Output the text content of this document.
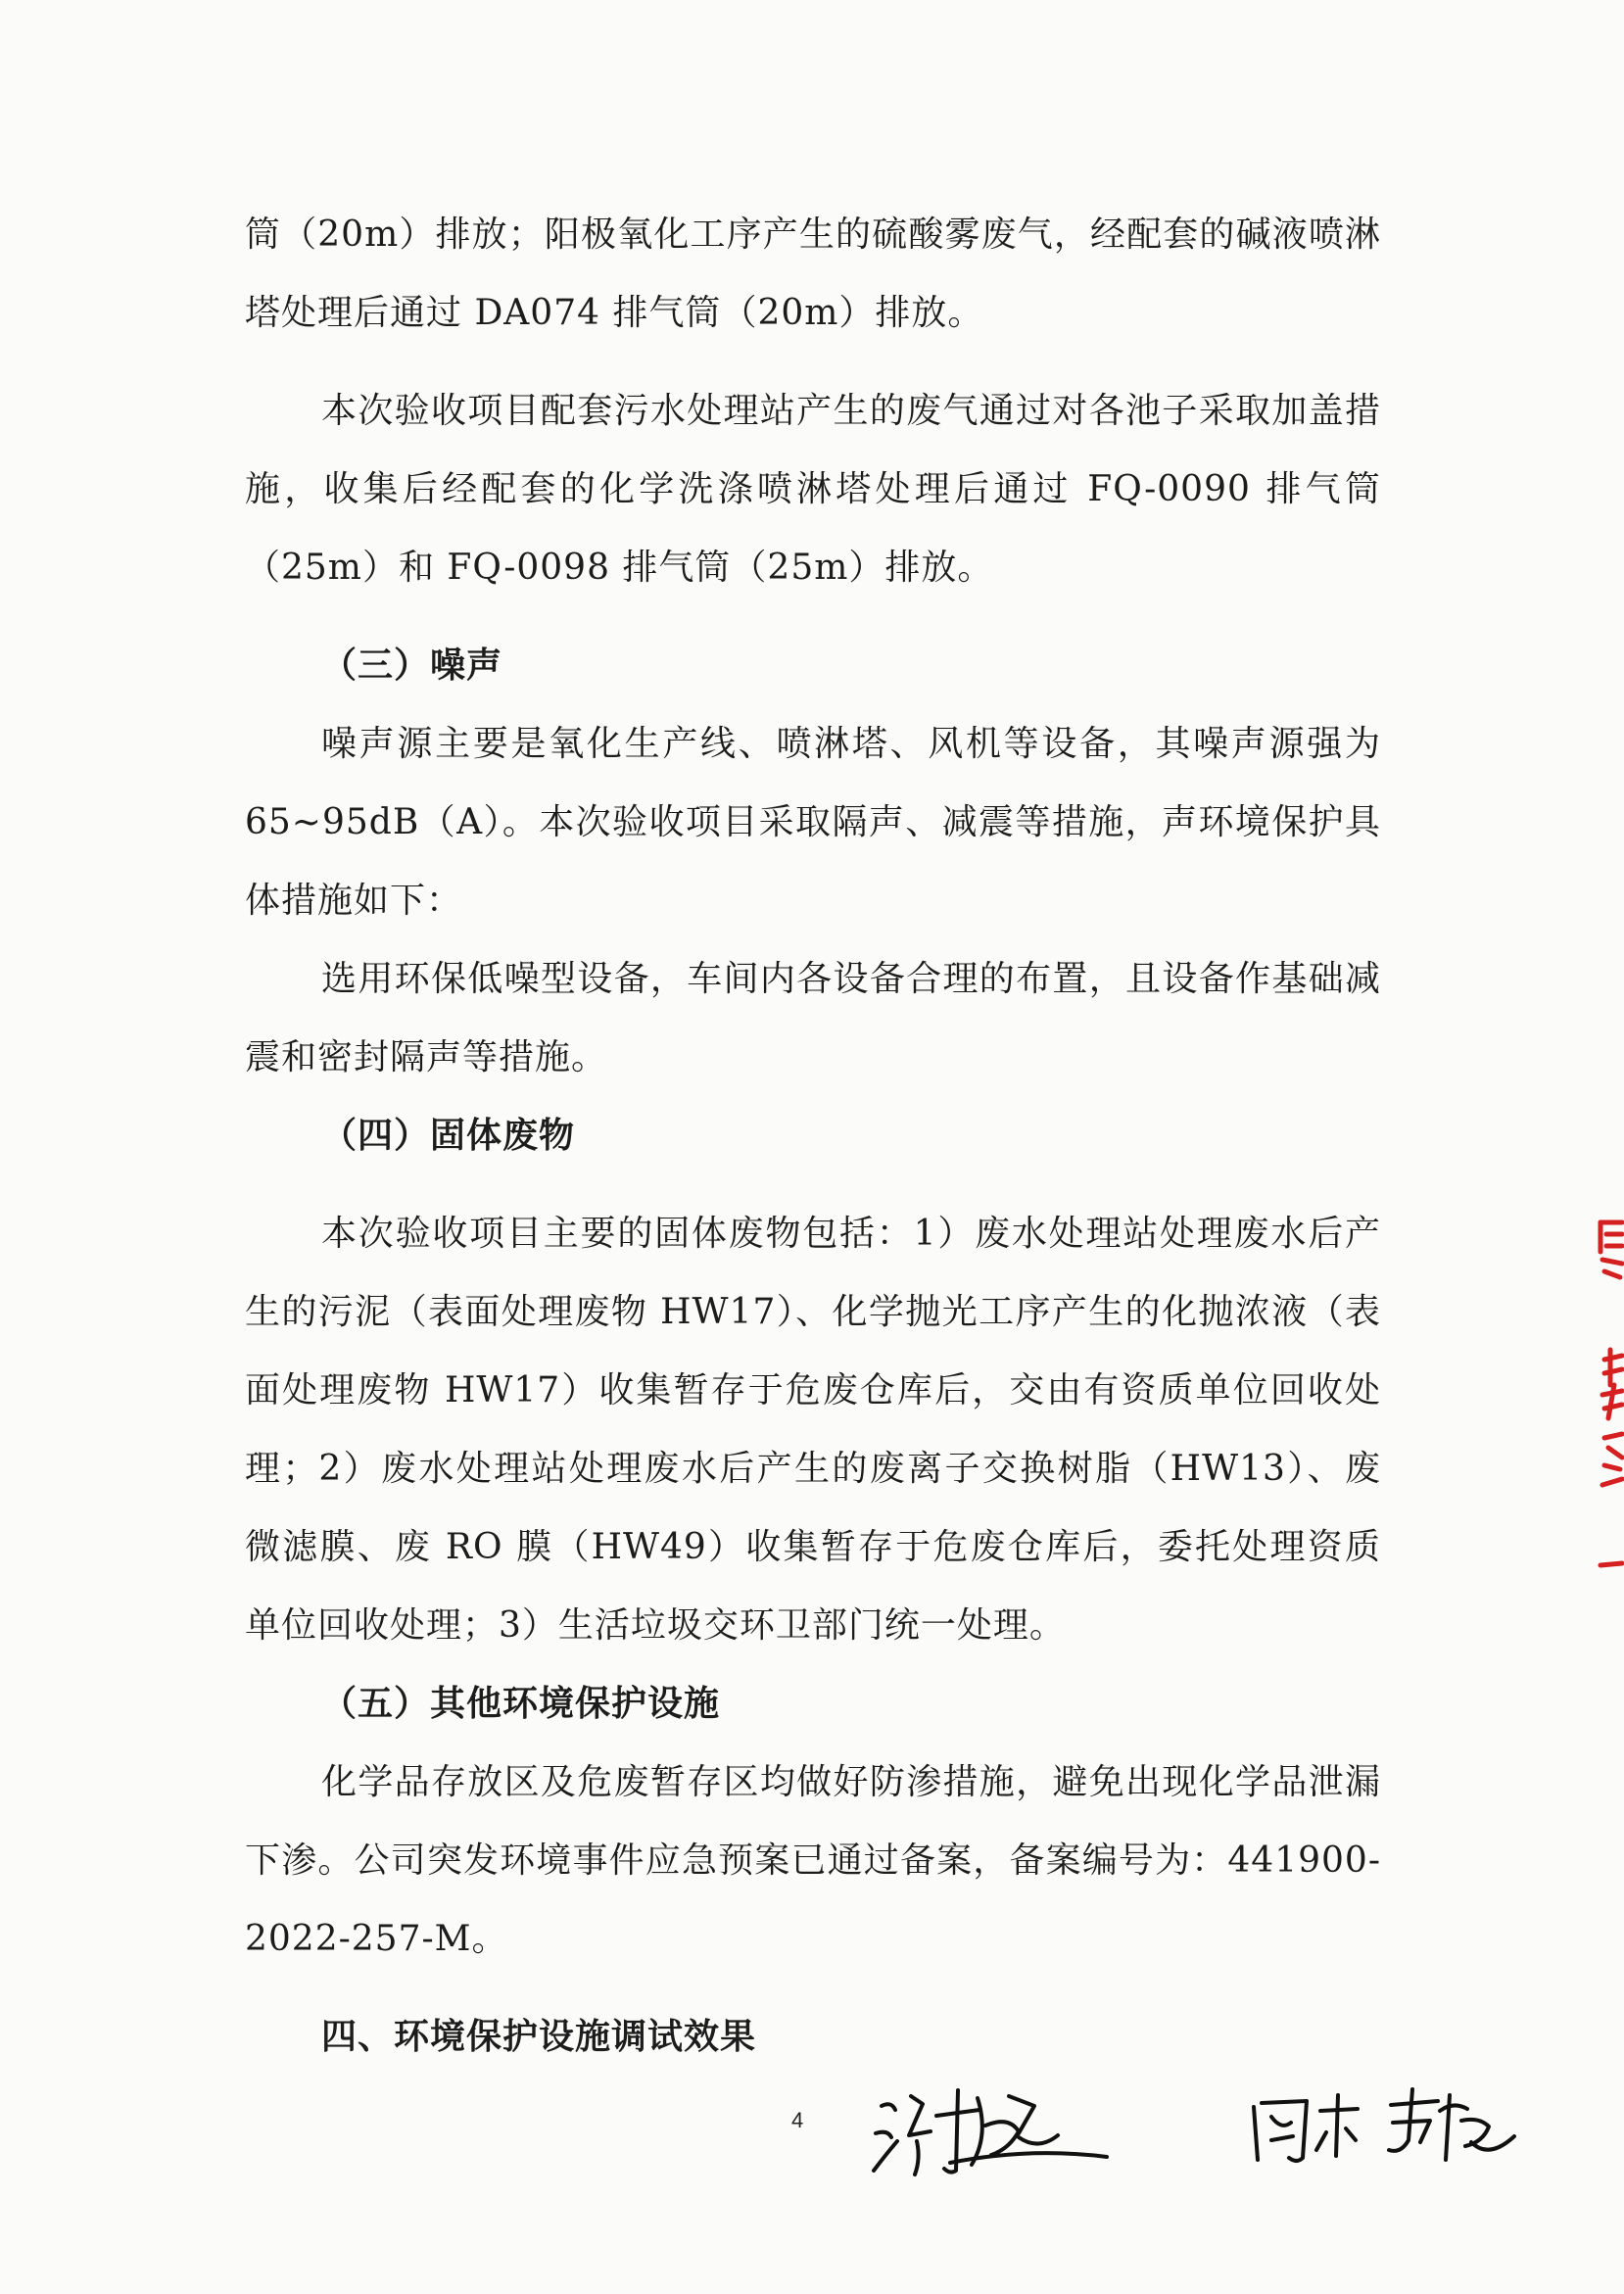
筒（20m）排放；阳极氧化工序产生的硫酸雾废气，经配套的碱液喷淋塔处理后通过 DA074 排气筒（20m）排放。

本次验收项目配套污水处理站产生的废气通过对各池子采取加盖措施，收集后经配套的化学洗涤喷淋塔处理后通过 FQ-0090 排气筒（25m）和 FQ-0098 排气筒（25m）排放。

（三）噪声

噪声源主要是氧化生产线、喷淋塔、风机等设备，其噪声源强为65~95dB（A）。本次验收项目采取隔声、减震等措施，声环境保护具体措施如下：

选用环保低噪型设备，车间内各设备合理的布置，且设备作基础减震和密封隔声等措施。

（四）固体废物

本次验收项目主要的固体废物包括：1）废水处理站处理废水后产生的污泥（表面处理废物 HW17）、化学抛光工序产生的化抛浓液（表面处理废物 HW17）收集暂存于危废仓库后，交由有资质单位回收处理；2）废水处理站处理废水后产生的废离子交换树脂（HW13）、废微滤膜、废 RO 膜（HW49）收集暂存于危废仓库后，委托处理资质单位回收处理；3）生活垃圾交环卫部门统一处理。

（五）其他环境保护设施

化学品存放区及危废暂存区均做好防渗措施，避免出现化学品泄漏下渗。公司突发环境事件应急预案已通过备案，备案编号为：441900-2022-257-M。

四、环境保护设施调试效果
4
